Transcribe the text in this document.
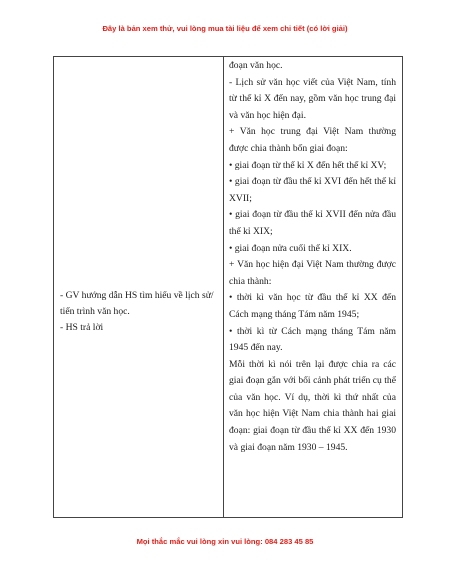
Đây là bản xem thử, vui lòng mua tài liệu để xem chi tiết (có lời giải)

- GV hướng dẫn HS tìm hiểu về lịch sử/ tiến trình văn học.

- HS trả lời

đoạn văn học.

- Lịch sử văn học viết của Việt Nam, tính từ thế kỉ X đến nay, gồm văn học trung đại và văn học hiện đại.

+ Văn học trung đại Việt Nam thường được chia thành bốn giai đoạn:

• giai đoạn từ thế kỉ X đến hết thế kỉ XV;

• giai đoạn từ đầu thế kỉ XVI đến hết thế kỉ XVII;

• giai đoạn từ đầu thế kỉ XVII đến nửa đầu thế kỉ XIX;

• giai đoạn nửa cuối thế kỉ XIX.

+ Văn học hiện đại Việt Nam thường được chia thành:

• thời kì văn học từ đầu thế kỉ XX đến Cách mạng tháng Tám năm 1945;

• thời kì từ Cách mạng tháng Tám năm 1945 đến nay.

Mỗi thời kì nói trên lại được chia ra các giai đoạn gắn với bối cảnh phát triển cụ thể của văn học. Ví dụ, thời kì thứ nhất của văn học hiện Việt Nam chia thành hai giai đoạn: giai đoạn từ đầu thế kỉ XX đến 1930 và giai đoạn năm 1930 – 1945.

Mọi thắc mắc vui lòng xin vui lòng: 084 283 45 85
